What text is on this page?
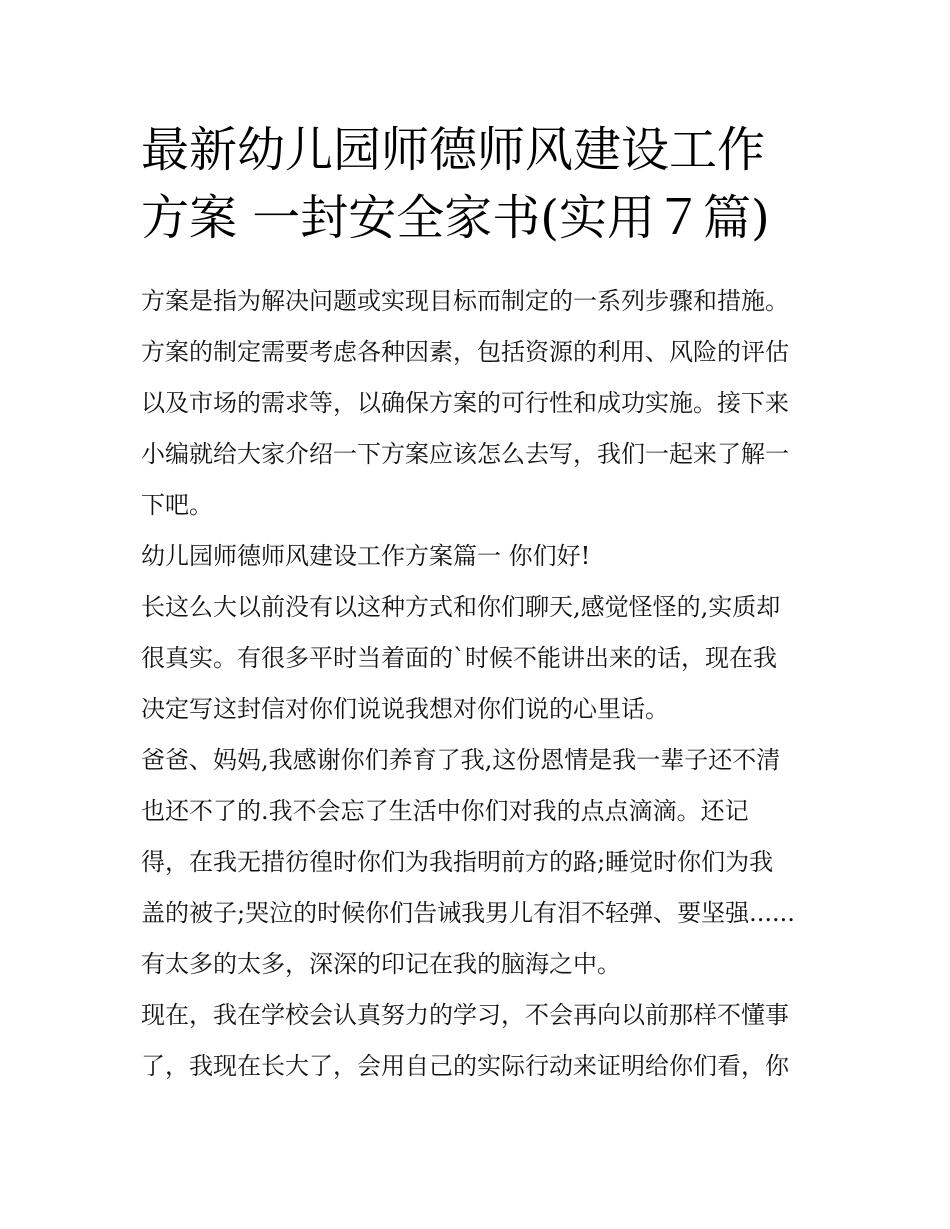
最新幼儿园师德师风建设工作
方案 一封安全家书(实用７篇)
方案是指为解决问题或实现目标而制定的一系列步骤和措施。
方案的制定需要考虑各种因素，包括资源的利用、风险的评估
以及市场的需求等，以确保方案的可行性和成功实施。接下来
小编就给大家介绍一下方案应该怎么去写，我们一起来了解一
下吧。
幼儿园师德师风建设工作方案篇一 你们好!
长这么大以前没有以这种方式和你们聊天,感觉怪怪的,实质却
很真实。有很多平时当着面的`时候不能讲出来的话，现在我
决定写这封信对你们说说我想对你们说的心里话。
爸爸、妈妈,我感谢你们养育了我,这份恩情是我一辈子还不清
也还不了的.我不会忘了生活中你们对我的点点滴滴。还记
得，在我无措彷徨时你们为我指明前方的路;睡觉时你们为我
盖的被子;哭泣的时候你们告诫我男儿有泪不轻弹、要坚强......
有太多的太多，深深的印记在我的脑海之中。
现在，我在学校会认真努力的学习，不会再向以前那样不懂事
了，我现在长大了，会用自己的实际行动来证明给你们看，你
